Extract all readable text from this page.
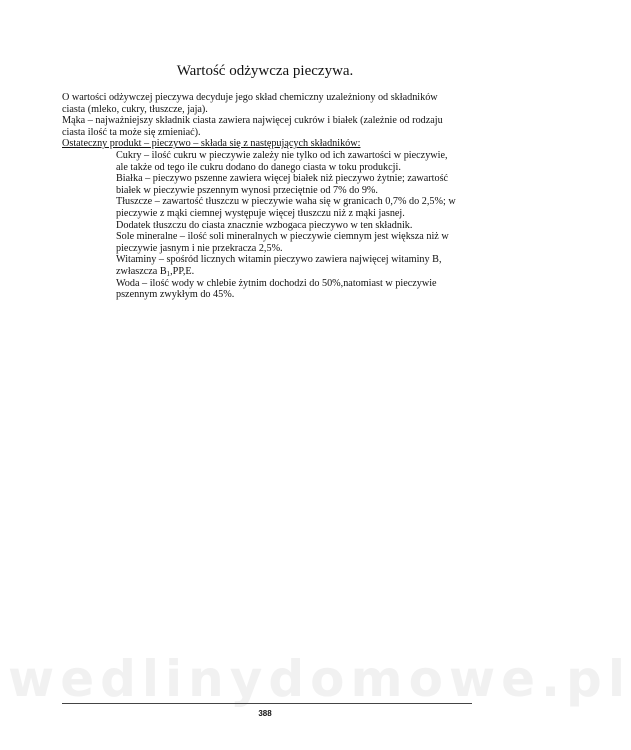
Wartość odżywcza pieczywa.

O wartości odżywczej pieczywa decyduje jego skład chemiczny uzależniony od składników

ciasta (mleko, cukry, tłuszcze, jaja).

Mąka – najważniejszy składnik ciasta zawiera najwięcej cukrów i białek (zależnie od rodzaju

ciasta ilość ta może się zmieniać).

Ostateczny produkt – pieczywo – składa się z następujących składników:

Cukry – ilość cukru w pieczywie zależy nie tylko od ich zawartości w pieczywie,

ale także od tego ile cukru dodano do danego ciasta w toku produkcji.

Białka – pieczywo pszenne zawiera więcej białek niż pieczywo żytnie; zawartość

białek w pieczywie pszennym wynosi przeciętnie od 7% do 9%.

Tłuszcze – zawartość tłuszczu w pieczywie waha się w granicach 0,7% do 2,5%; w

pieczywie z mąki ciemnej występuje więcej tłuszczu niż z mąki jasnej.

Dodatek tłuszczu do ciasta znacznie wzbogaca pieczywo w ten składnik.

Sole mineralne – ilość soli mineralnych w pieczywie ciemnym jest większa niż w

pieczywie jasnym i nie przekracza 2,5%.

Witaminy – spośród licznych witamin pieczywo zawiera najwięcej witaminy B,

zwłaszcza $B_1,PP,E$.

Woda – ilość wody w chlebie żytnim dochodzi do 50%,natomiast w pieczywie

pszennym zwykłym do 45%.

wedlinydomowe.pl
388
